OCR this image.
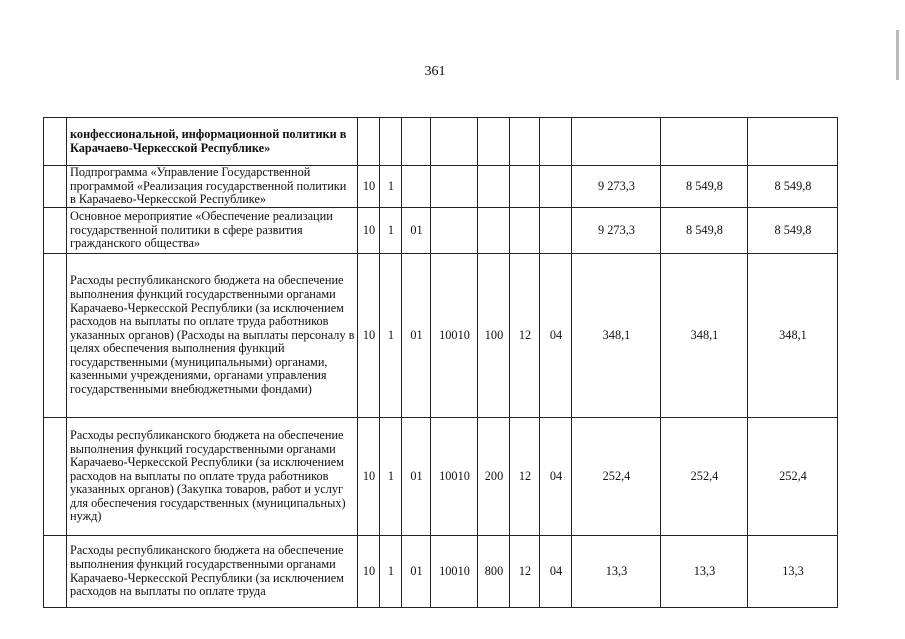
361
	конфессиональной, информационной политики в Карачаево-Черкесской Республике»										
	Подпрограмма «Управление Государственной программой «Реализация государственной политики в Карачаево-Черкесской Республике»	10	1						9 273,3	8 549,8	8 549,8
	Основное мероприятие «Обеспечение реализации государственной политики в сфере развития гражданского общества»	10	1	01					9 273,3	8 549,8	8 549,8
	Расходы республиканского бюджета на обеспечение выполнения функций государственными органами Карачаево-Черкесской Республики (за исключением расходов на выплаты по оплате труда работников указанных органов) (Расходы на выплаты персоналу в целях обеспечения выполнения функций государственными (муниципальными) органами, казенными учреждениями, органами управления государственными внебюджетными фондами)	10	1	01	10010	100	12	04	348,1	348,1	348,1
	Расходы республиканского бюджета на обеспечение выполнения функций государственными органами Карачаево-Черкесской Республики (за исключением расходов на выплаты по оплате труда работников указанных органов) (Закупка товаров, работ и услуг для обеспечения государственных (муниципальных) нужд)	10	1	01	10010	200	12	04	252,4	252,4	252,4
	Расходы республиканского бюджета на обеспечение выполнения функций государственными органами Карачаево-Черкесской Республики (за исключением расходов на выплаты по оплате труда	10	1	01	10010	800	12	04	13,3	13,3	13,3
